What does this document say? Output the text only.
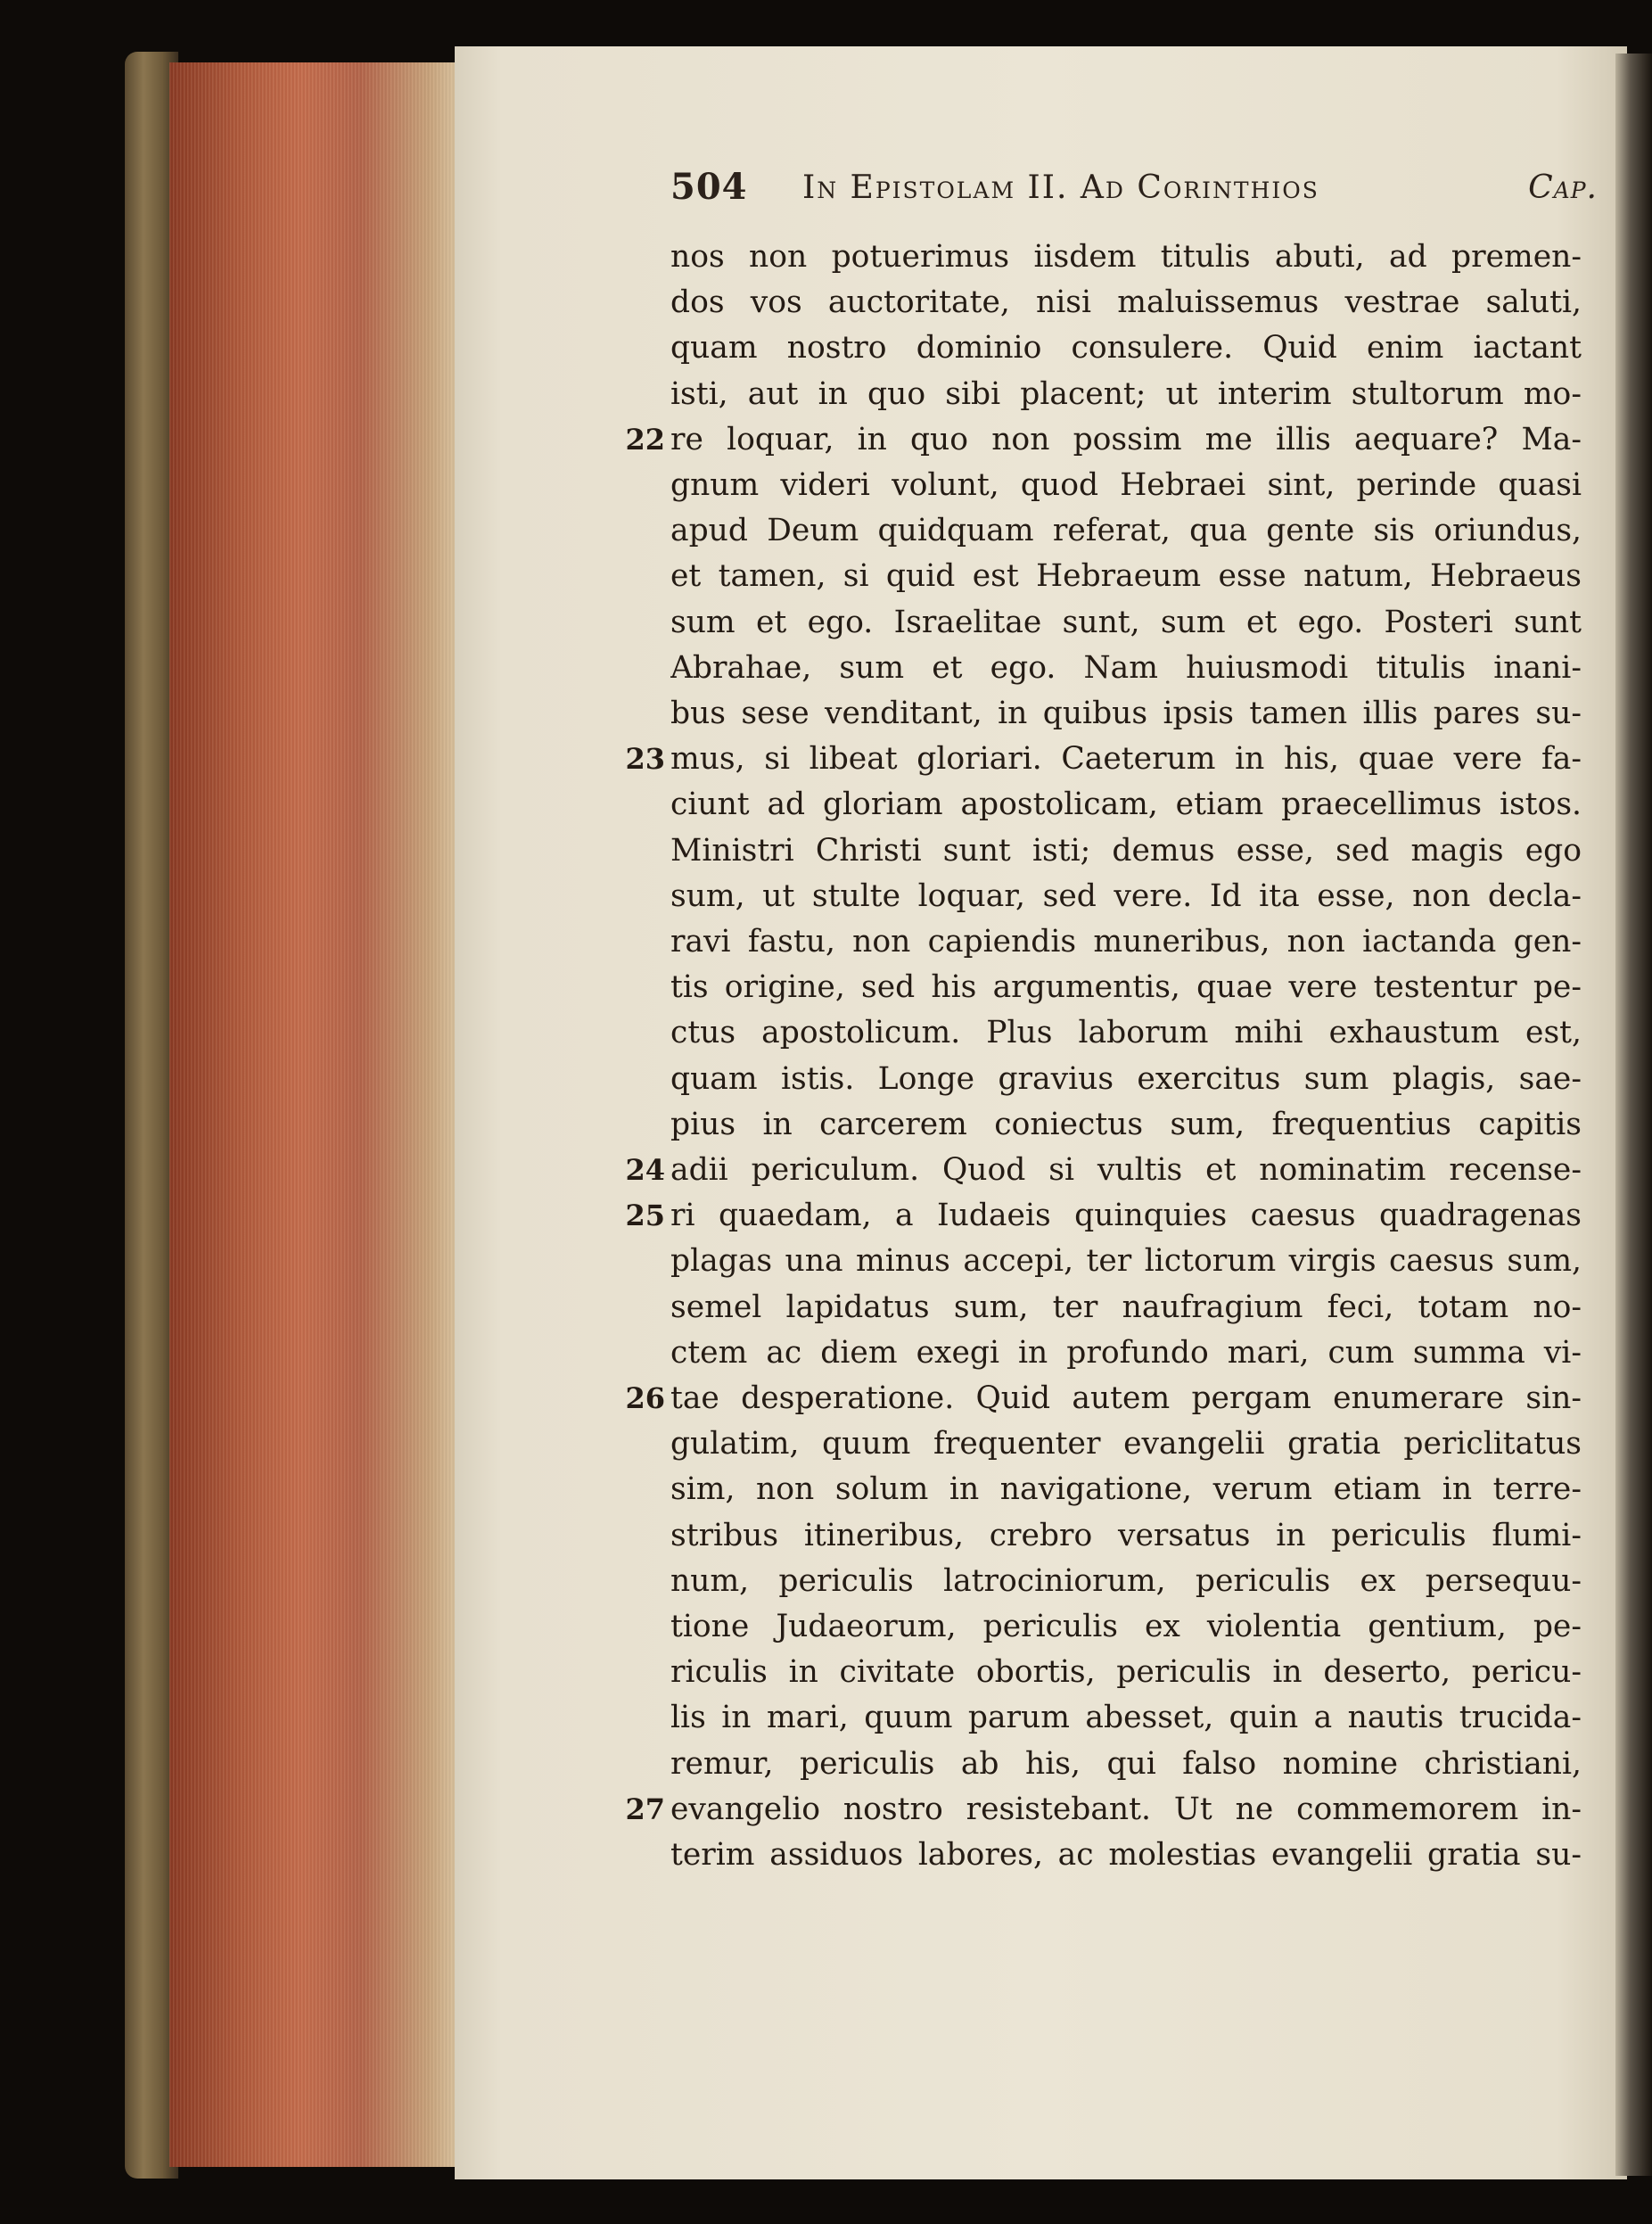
504 In Epistolam II. Ad Corinthios	Cap.
nos non potuerimus iisdem titulis abuti, ad premen-
dos vos auctoritate, nisi maluissemus vestrae saluti,
quam nostro dominio consulere. Quid enim iactant
isti, aut in quo sibi placent; ut interim stultorum mo-
re loquar, in quo non possim me illis aequare? Ma-
22
gnum videri volunt, quod Hebraei sint, perinde quasi
apud Deum quidquam referat, qua gente sis oriundus,
et tamen, si quid est Hebraeum esse natum, Hebraeus
sum et ego. Israelitae sunt, sum et ego. Posteri sunt
Abrahae, sum et ego. Nam huiusmodi titulis inani-
bus sese venditant, in quibus ipsis tamen illis pares su-
mus, si libeat gloriari. Caeterum in his, quae vere fa-
23
ciunt ad gloriam apostolicam, etiam praecellimus istos.
Ministri Christi sunt isti; demus esse, sed magis ego
sum, ut stulte loquar, sed vere. Id ita esse, non decla-
ravi fastu, non capiendis muneribus, non iactanda gen-
tis origine, sed his argumentis, quae vere testentur pe-
ctus apostolicum. Plus laborum mihi exhaustum est,
quam istis. Longe gravius exercitus sum plagis, sae-
pius in carcerem coniectus sum, frequentius capitis
adii periculum. Quod si vultis et nominatim recense-
24
ri quaedam, a Iudaeis quinquies caesus quadragenas
25
plagas una minus accepi, ter lictorum virgis caesus sum,
semel lapidatus sum, ter naufragium feci, totam no-
ctem ac diem exegi in profundo mari, cum summa vi-
tae desperatione. Quid autem pergam enumerare sin-
26
gulatim, quum frequenter evangelii gratia periclitatus
sim, non solum in navigatione, verum etiam in terre-
stribus itineribus, crebro versatus in periculis flumi-
num, periculis latrociniorum, periculis ex persequu-
tione Judaeorum, periculis ex violentia gentium, pe-
riculis in civitate obortis, periculis in deserto, pericu-
lis in mari, quum parum abesset, quin a nautis trucida-
remur, periculis ab his, qui falso nomine christiani,
evangelio nostro resistebant. Ut ne commemorem in-
27
terim assiduos labores, ac molestias evangelii gratia su-
